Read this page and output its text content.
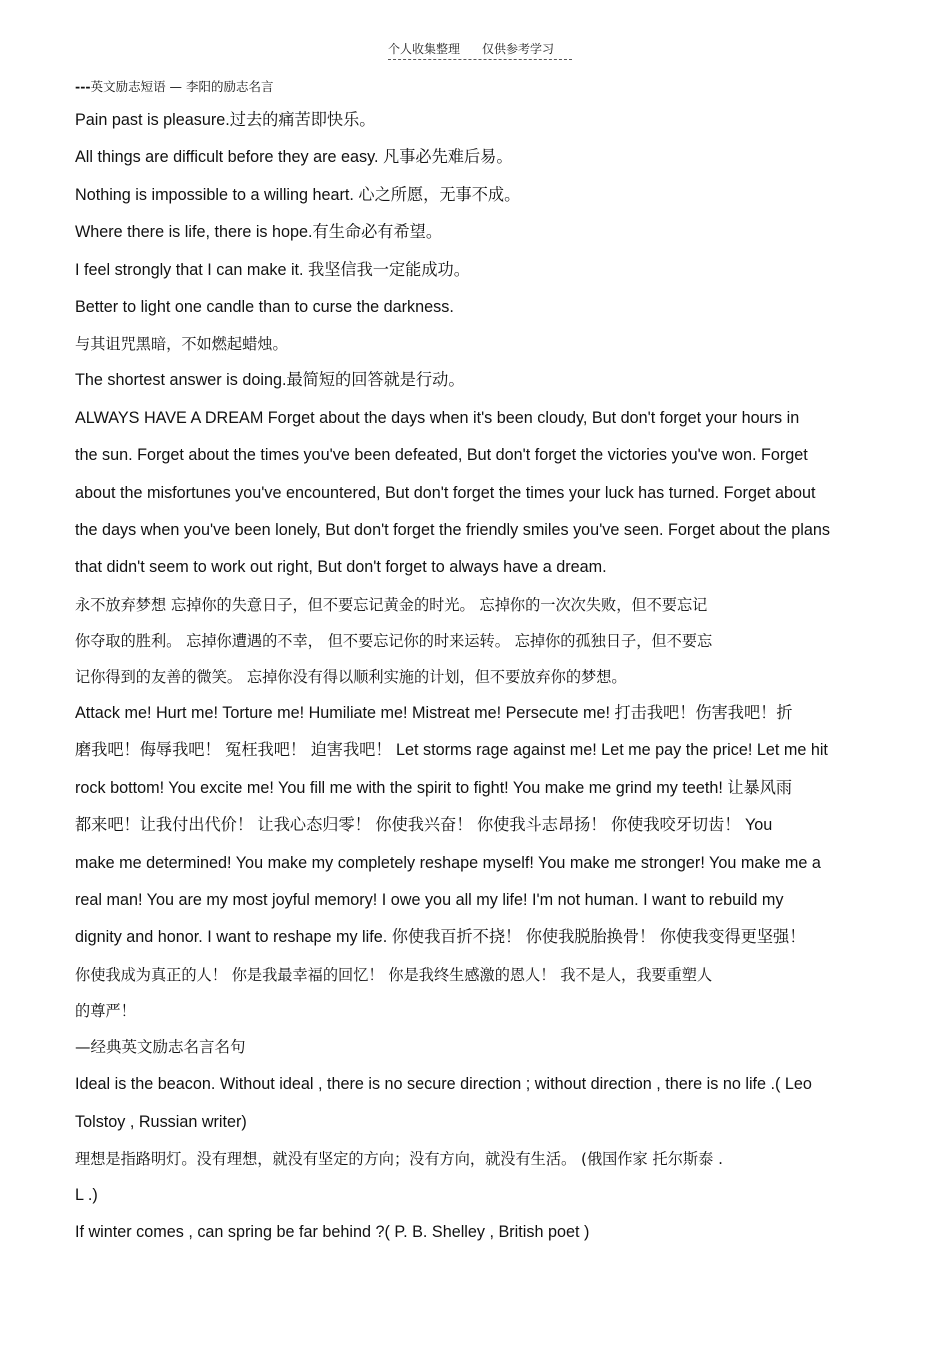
个人收集整理 仅供参考学习
---英文励志短语 — 李阳的励志名言
Pain past is pleasure.过去的痛苦即快乐。
All things are difficult before they are easy. 凡事必先难后易。
Nothing is impossible to a willing heart. 心之所愿，无事不成。
Where there is life, there is hope.有生命必有希望。
I feel strongly that I can make it. 我坚信我一定能成功。
Better to light one candle than to curse the darkness.
与其诅咒黑暗，不如燃起蜡烛。
The shortest answer is doing.最简短的回答就是行动。
ALWAYS HAVE A DREAM Forget about the days when it's been cloudy, But don't forget your hours in
the sun. Forget about the times you've been defeated, But don't forget the victories you've won. Forget
about the misfortunes you've encountered, But don't forget the times your luck has turned. Forget about
the days when you've been lonely, But don't forget the friendly smiles you've seen. Forget about the plans
that didn't seem to work out right, But don't forget to always have a dream.
永不放弃梦想 忘掉你的失意日子，但不要忘记黄金的时光。 忘掉你的一次次失败，但不要忘记
你夺取的胜利。 忘掉你遭遇的不幸， 但不要忘记你的时来运转。 忘掉你的孤独日子，但不要忘
记你得到的友善的微笑。 忘掉你没有得以顺利实施的计划，但不要放弃你的梦想。
Attack me! Hurt me! Torture me! Humiliate me! Mistreat me! Persecute me! 打击我吧！伤害我吧！折
磨我吧！侮辱我吧！ 冤枉我吧！ 迫害我吧！ Let storms rage against me! Let me pay the price! Let me hit
rock bottom! You excite me! You fill me with the spirit to fight! You make me grind my teeth! 让暴风雨
都来吧！让我付出代价！ 让我心态归零！ 你使我兴奋！ 你使我斗志昂扬！ 你使我咬牙切齿！ You
make me determined! You make my completely reshape myself! You make me stronger! You make me a
real man! You are my most joyful memory! I owe you all my life! I'm not human. I want to rebuild my
dignity and honor. I want to reshape my life. 你使我百折不挠！ 你使我脱胎换骨！ 你使我变得更坚强！
你使我成为真正的人！ 你是我最幸福的回忆！ 你是我终生感激的恩人！ 我不是人，我要重塑人
的尊严！
—经典英文励志名言名句
Ideal is the beacon. Without ideal , there is no secure direction ; without direction , there is no life .( Leo
Tolstoy , Russian writer)
理想是指路明灯。没有理想，就没有坚定的方向；没有方向，就没有生活。 (俄国作家 托尔斯泰 .
L .)
If winter comes , can spring be far behind ?( P. B. Shelley , British poet )
